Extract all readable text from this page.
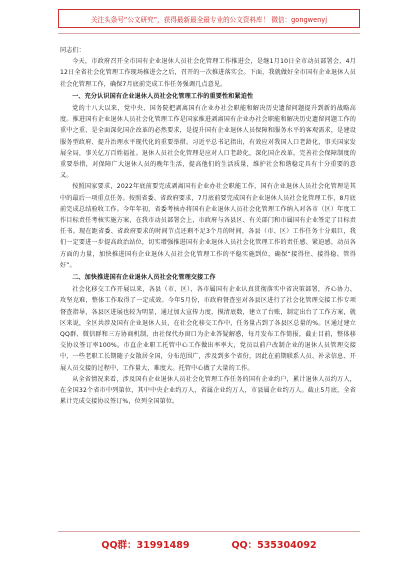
关注头条号“公文研究”，获得最新最全最专业的公文资料库！ 微信：gongwenyj

同志们：

今天，市政府召开全市国有企业退休人员社会化管理工作推进会，是继1月10日全市动员部署会、4月12日全省社会化管理工作现场推进会之后，召开的一次推进落实会。下面，我就做好全市国有企业退休人员社会化管理工作，确保7月底前完成工作任务强调几点意见。

一、充分认识国有企业退休人员社会化管理工作的重要性和紧迫性

党的十八大以来，党中央、国务院把剥离国有企业办社会职能和解决历史遗留问题提升到新的战略高度。推进国有企业退休人员社会化管理工作是国家推进剥离国有企业办社会职能和解决历史遗留问题工作的重中之重，是全面深化国企改革的必然要求，是提升国有企业退休人员保障和服务水平的客观需求，是建设服务型政府、提升治理水平现代化的重要举措。习近平总书记指出，有效应对我国人口老龄化，事关国家发展全局，事关亿万百姓福祉。退休人员社会化管理是应对人口老龄化，深化国企改革，完善社会保障制度的重要举措，对保障广大退休人员的晚年生活，提高他们的生活质量，维护社会和谐稳定具有十分重要的意义。

按照国家要求，2022年底前要完成剥离国有企业办社会职能工作，国有企业退休人员社会化管理是其中的最后一项重点任务。按照省委、省政府要求，7月底前要完成国有企业退休人员社会化管理工作，8月底前完成总结验收工作。今年年初，省委考核办将国有企业退休人员社会化管理工作纳入对各市（区）年度工作目标责任考核实施方案，在我市动员部署会上，市政府与各县区、有关部门和市属国有企业签定了目标责任书。现在距省委、省政府要求的时间节点还剩不足3个月的时间，各县（市、区）工作任务十分艰巨，我们一定要进一步提高政治站位，切实增强推进国有企业退休人员社会化管理工作的责任感、紧迫感，动员各方面的力量，加快推进国有企业退休人员社会化管理工作的平稳实施到位，确保“接得住、接得稳、管得好”。

二、加快推进国有企业退休人员社会化管理交接工作

社会化移交工作开展以来，各县（市、区）、各市属国有企业认真贯彻落实中省决策部署，齐心协力、攻坚克难，整体工作取得了一定成效。今年5月份，市政府督查室对各县区进行了社会化管理交接工作专项督查指导，各县区进展也较为明显，通过加大宣传力度，摸清底数，建立了台账，制定出台了工作方案，就区来说，全区共涉及国有企业退休人员，在社会化移交工作中，任务量占到了各县区总量的%。区通过建立QQ群、微信群和三方协商机制，由社保代办窗口为企业答疑解惑，每月发布工作简报，截止目前，整体移交协议签订率100%。市直企业职工托管中心工作做出率率大，党员以前户改制企业的退休人员管理交接中，一些老职工长期随子女散居全国，分布范围广，涉及到多个省份，因此在前期联系人员、补录信息、开展人员交接的过程中，工作量大，难度大。托管中心做了大量的工作。

从全省情况来看，涉及国有企业退休人员社会化管理工作任务的国有企业约户，累计退休人员约万人，在全国32个省市中列第位，其中中央企业约万人，省属企业约万人，市县属企业约万人。截止5月底，全省累计完成交接协议签订%，位列全国第位。

QQ群：31991489	QQ：535304092
